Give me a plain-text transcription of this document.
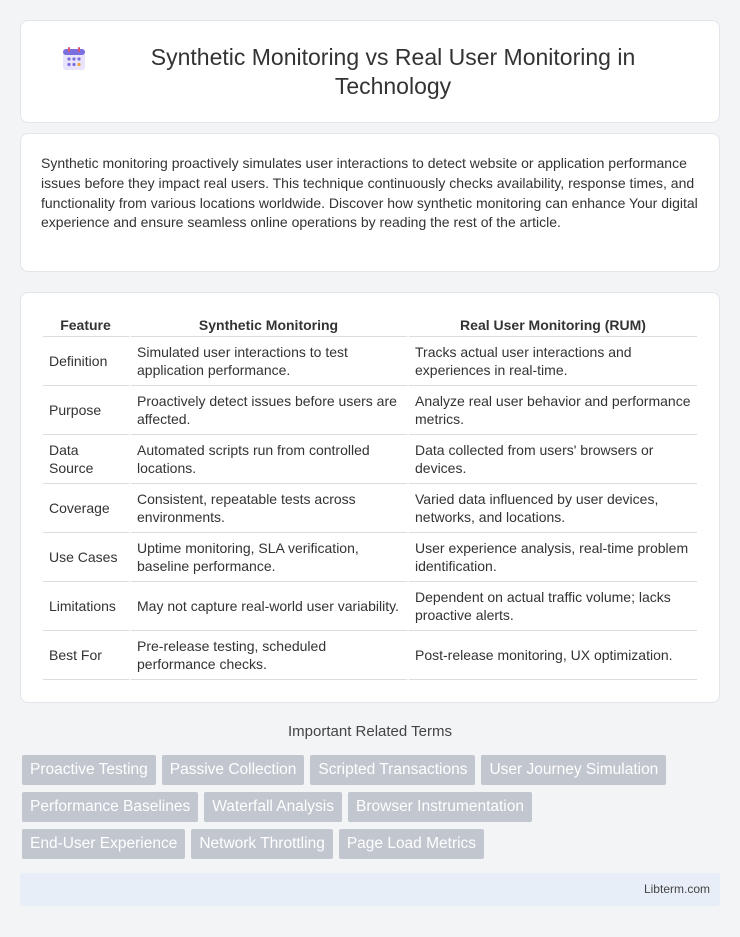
Synthetic Monitoring vs Real User Monitoring in Technology

Synthetic monitoring proactively simulates user interactions to detect website or application performance issues before they impact real users. This technique continuously checks availability, response times, and functionality from various locations worldwide. Discover how synthetic monitoring can enhance Your digital experience and ensure seamless online operations by reading the rest of the article.

Feature	Synthetic Monitoring	Real User Monitoring (RUM)
Definition	Simulated user interactions to test application performance.	Tracks actual user interactions and experiences in real-time.
Purpose	Proactively detect issues before users are affected.	Analyze real user behavior and performance metrics.
Data Source	Automated scripts run from controlled locations.	Data collected from users' browsers or devices.
Coverage	Consistent, repeatable tests across environments.	Varied data influenced by user devices, networks, and locations.
Use Cases	Uptime monitoring, SLA verification, baseline performance.	User experience analysis, real-time problem identification.
Limitations	May not capture real-world user variability.	Dependent on actual traffic volume; lacks proactive alerts.
Best For	Pre-release testing, scheduled performance checks.	Post-release monitoring, UX optimization.
Important Related Terms
Proactive Testing	Passive Collection	Scripted Transactions	User Journey Simulation
Performance Baselines	Waterfall Analysis	Browser Instrumentation
End-User Experience	Network Throttling	Page Load Metrics
Libterm.com
